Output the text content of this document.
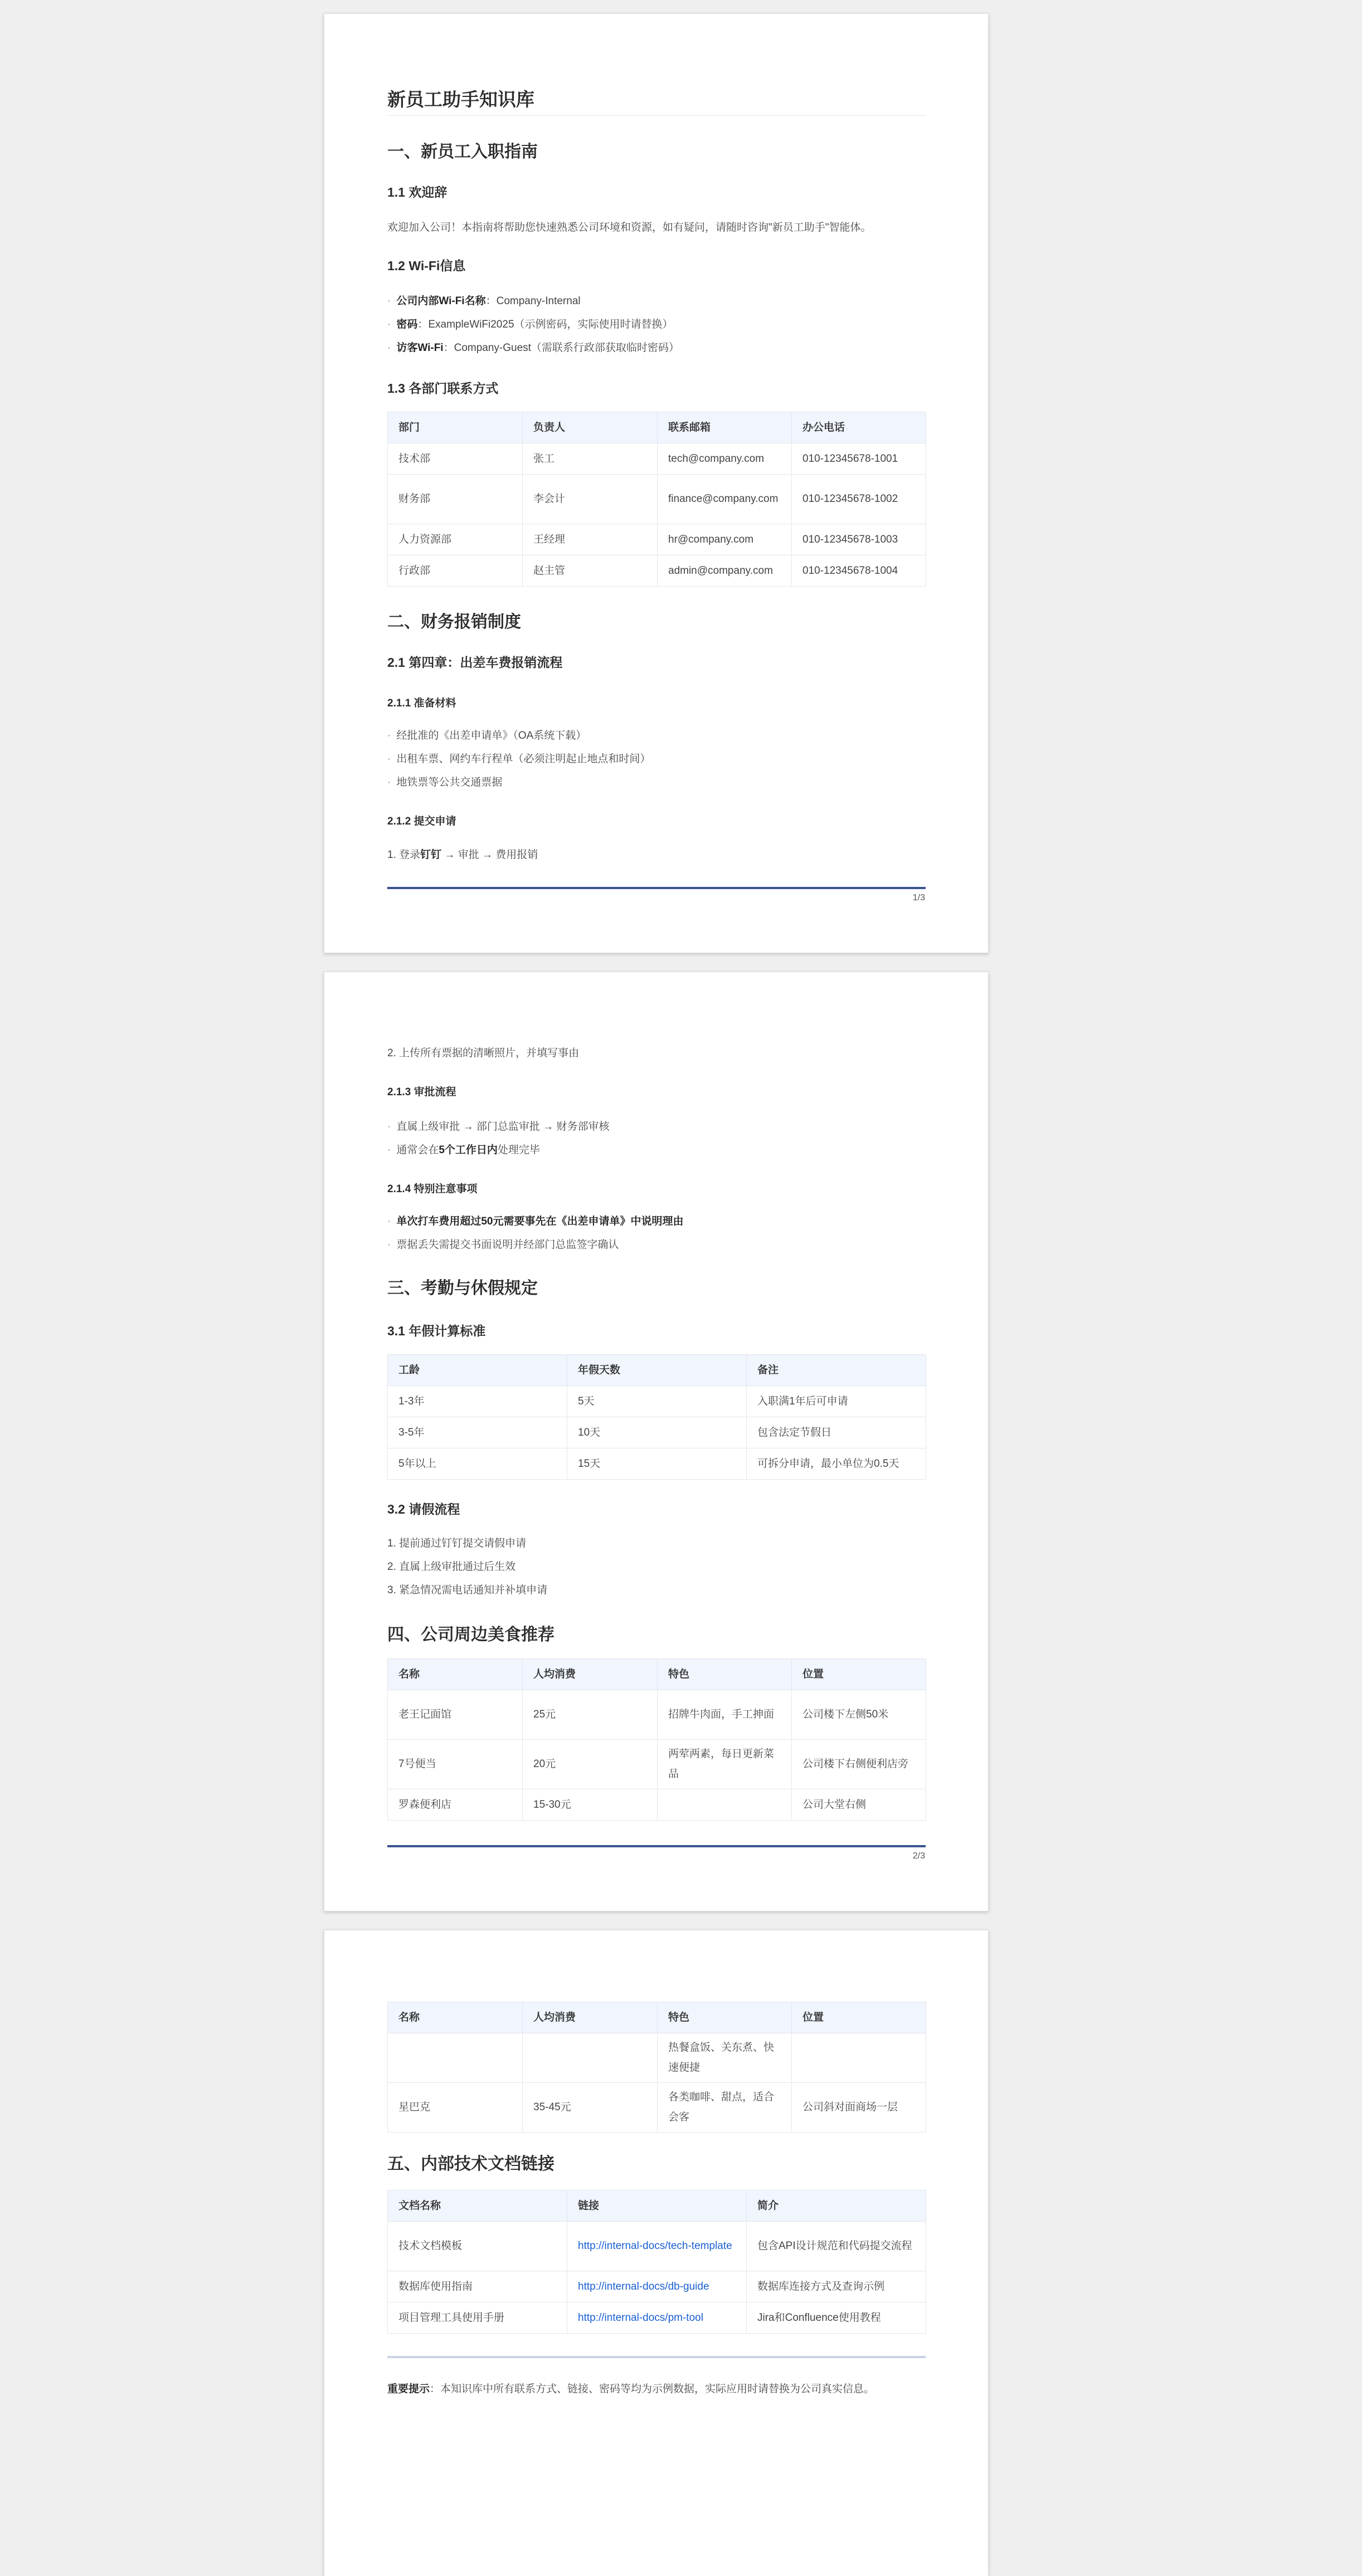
新员工助手知识库
一、新员工入职指南
1.1 欢迎辞
欢迎加入公司！本指南将帮助您快速熟悉公司环境和资源，如有疑问，请随时咨询"新员工助手"智能体。
1.2 Wi-Fi信息
· 公司内部Wi-Fi名称：Company-Internal
· 密码：ExampleWiFi2025（示例密码，实际使用时请替换）
· 访客Wi-Fi：Company-Guest（需联系行政部获取临时密码）
1.3 各部门联系方式
部门	负责人	联系邮箱	办公电话
技术部	张工	tech@company.com	010-12345678-1001
财务部	李会计	finance@company.com	010-12345678-1002
人力资源部	王经理	hr@company.com	010-12345678-1003
行政部	赵主管	admin@company.com	010-12345678-1004
二、财务报销制度
2.1 第四章：出差车费报销流程
2.1.1 准备材料
· 经批准的《出差申请单》（OA系统下载）
· 出租车票、网约车行程单（必须注明起止地点和时间）
· 地铁票等公共交通票据
2.1.2 提交申请
1. 登录钉钉 → 审批 → 费用报销
1/3
2. 上传所有票据的清晰照片，并填写事由
2.1.3 审批流程
· 直属上级审批 → 部门总监审批 → 财务部审核
· 通常会在5个工作日内处理完毕
2.1.4 特别注意事项
· 单次打车费用超过50元需要事先在《出差申请单》中说明理由
· 票据丢失需提交书面说明并经部门总监签字确认
三、考勤与休假规定
3.1 年假计算标准
工龄	年假天数	备注
1-3年	5天	入职满1年后可申请
3-5年	10天	包含法定节假日
5年以上	15天	可拆分申请，最小单位为0.5天
3.2 请假流程
1. 提前通过钉钉提交请假申请
2. 直属上级审批通过后生效
3. 紧急情况需电话通知并补填申请
四、公司周边美食推荐
名称	人均消费	特色	位置
老王记面馆	25元	招牌牛肉面，手工抻面	公司楼下左侧50米
7号便当	20元	两荤两素，每日更新菜品	公司楼下右侧便利店旁
罗森便利店	15-30元		公司大堂右侧
2/3
名称	人均消费	特色	位置
		热餐盒饭、关东煮、快速便捷	
星巴克	35-45元	各类咖啡、甜点，适合会客	公司斜对面商场一层
五、内部技术文档链接
文档名称	链接	简介
技术文档模板	http://internal-docs/tech-template	包含API设计规范和代码提交流程
数据库使用指南	http://internal-docs/db-guide	数据库连接方式及查询示例
项目管理工具使用手册	http://internal-docs/pm-tool	Jira和Confluence使用教程
重要提示：本知识库中所有联系方式、链接、密码等均为示例数据，实际应用时请替换为公司真实信息。
